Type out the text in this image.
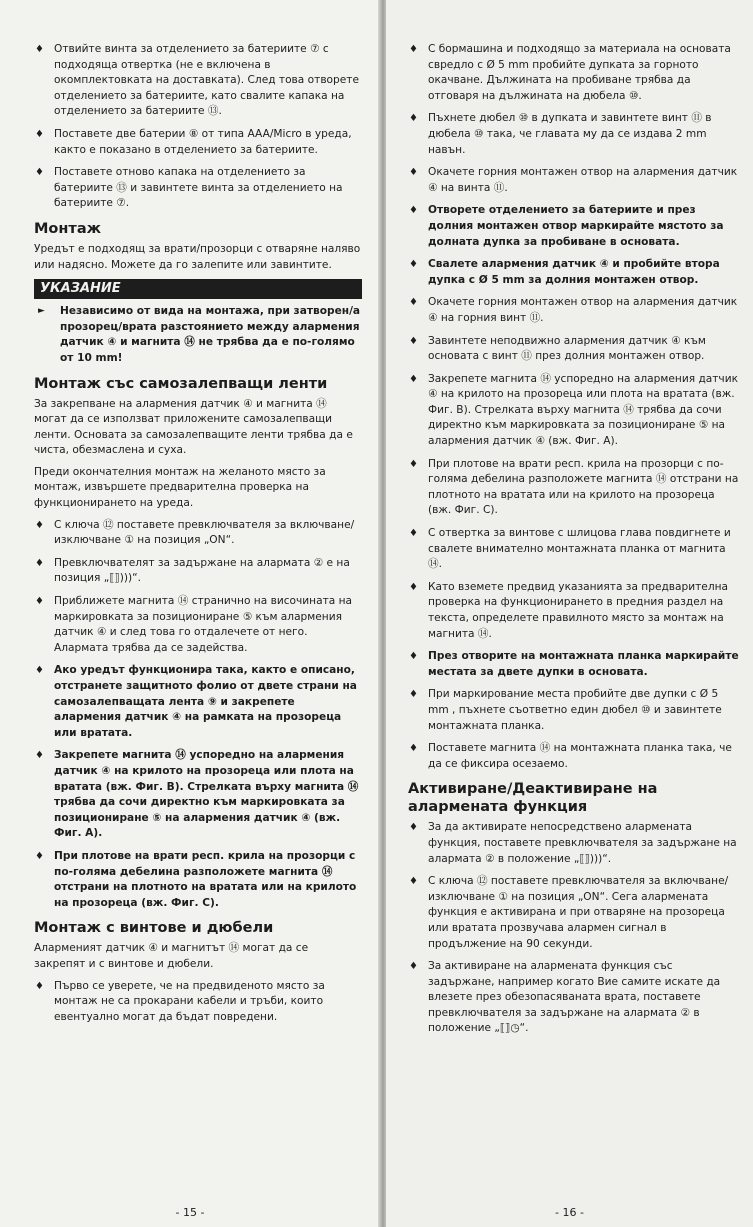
♦ Отвийте винта за отделението за батериите ⑦ с подходяща отвертка (не е включена в окомплектовката на доставката). След това отворете отделението за батериите, като свалите капака на отделението за батериите ⑬.
♦ Поставете две батерии ⑧ от типа AAA/Micro в уреда, както е показано в отделението за батериите.
♦ Поставете отново капака на отделението за батериите ⑬ и завинтете винта за отделението на батериите ⑦.
Монтаж

Уредът е подходящ за врати/прозорци с отваряне наляво или надясно. Можете да го залепите или завинтите.

УКАЗАНИЕ
► Независимо от вида на монтажа, при затворен/а прозорец/врата разстоянието между алармения датчик ④ и магнита ⑭ не трябва да е по-голямо от 10 mm!
Монтаж със самозалепващи ленти

За закрепване на алармения датчик ④ и магнита ⑭ могат да се използват приложените самозалепващи ленти. Основата за самозалепващите ленти трябва да е чиста, обезмаслена и суха.

Преди окончателния монтаж на желаното място за монтаж, извършете предварителна проверка на функционирането на уреда.

♦ С ключа ⑫ поставете превключвателя за включване/изключване ① на позиция „ON“.
♦ Превключвателят за задържане на алармата ② е на позиция „⟦⟧)))“.
♦ Приближете магнита ⑭ странично на височината на маркировката за позициониране ⑤ към алармения датчик ④ и след това го отдалечете от него. Алармата трябва да се задейства.
♦ Ако уредът функционира така, както е описано, отстранете защитното фолио от двете страни на самозалепващата лента ⑨ и закрепете алармения датчик ④ на рамката на прозореца или вратата.
♦ Закрепете магнита ⑭ успоредно на алармения датчик ④ на крилото на прозореца или плота на вратата (вж. Фиг. B). Стрелката върху магнита ⑭ трябва да сочи директно към маркировката за позициониране ⑤ на алармения датчик ④ (вж. Фиг. A).
♦ При плотове на врати респ. крила на прозорци с по-голяма дебелина разположете магнита ⑭ отстрани на плотното на вратата или на крилото на прозореца (вж. Фиг. C).
Монтаж с винтове и дюбели

Алармeният датчик ④ и магнитът ⑭ могат да се закрепят и с винтове и дюбели.

♦ Първо се уверете, че на предвиденото място за монтаж не са прокарани кабели и тръби, които евентуално могат да бъдат повредени.
- 15 -
♦ С бормашина и подходящо за материала на основата свредло с Ø 5 mm пробийте дупката за горното окачване. Дължината на пробиване трябва да отговаря на дължината на дюбела ⑩.
♦ Пъхнете дюбел ⑩ в дупката и завинтете винт ⑪ в дюбела ⑩ така, че главата му да се издава 2 mm навън.
♦ Окачете горния монтажен отвор на алармения датчик ④ на винта ⑪.
♦ Отворете отделението за батериите и през долния монтажен отвор маркирайте мястото за долната дупка за пробиване в основата.
♦ Свалете алармения датчик ④ и пробийте втора дупка с Ø 5 mm за долния монтажен отвор.
♦ Окачете горния монтажен отвор на алармения датчик ④ на горния винт ⑪.
♦ Завинтете неподвижно алармения датчик ④ към основата с винт ⑪ през долния монтажен отвор.
♦ Закрепете магнита ⑭ успоредно на алармения датчик ④ на крилото на прозореца или плота на вратата (вж. Фиг. B). Стрелката върху магнита ⑭ трябва да сочи директно към маркировката за позициониране ⑤ на алармения датчик ④ (вж. Фиг. A).
♦ При плотове на врати респ. крила на прозорци с по-голяма дебелина разположете магнита ⑭ отстрани на плотното на вратата или на крилото на прозореца (вж. Фиг. C).
♦ С отвертка за винтове с шлицова глава повдигнете и свалете внимателно монтажната планка от магнита ⑭.
♦ Като вземете предвид указанията за предварителна проверка на функционирането в предния раздел на текста, определете правилното място за монтаж на магнита ⑭.
♦ През отворите на монтажната планка маркирайте местата за двете дупки в основата.
♦ При маркирование места пробийте две дупки с Ø 5 mm , пъхнете съответно един дюбел ⑩ и завинтете монтажната планка.
♦ Поставете магнита ⑭ на монтажната планка така, че да се фиксира осезаемо.
Активиране/Деактивиране на алармената функция
♦ За да активирате непосредствено алармената функция, поставете превключвателя за задържане на алармата ② в положение „⟦⟧)))“.
♦ С ключа ⑫ поставете превключвателя за включване/изключване ① на позиция „ON“. Сега алармената функция е активирана и при отваряне на прозореца или вратата прозвучава алармен сигнал в продължение на 90 секунди.
♦ За активиране на алармената функция със задържане, например когато Вие самите искате да влезете през обезопасяваната врата, поставете превключвателя за задържане на алармата ② в положение „⟦⟧◷“.
- 16 -
